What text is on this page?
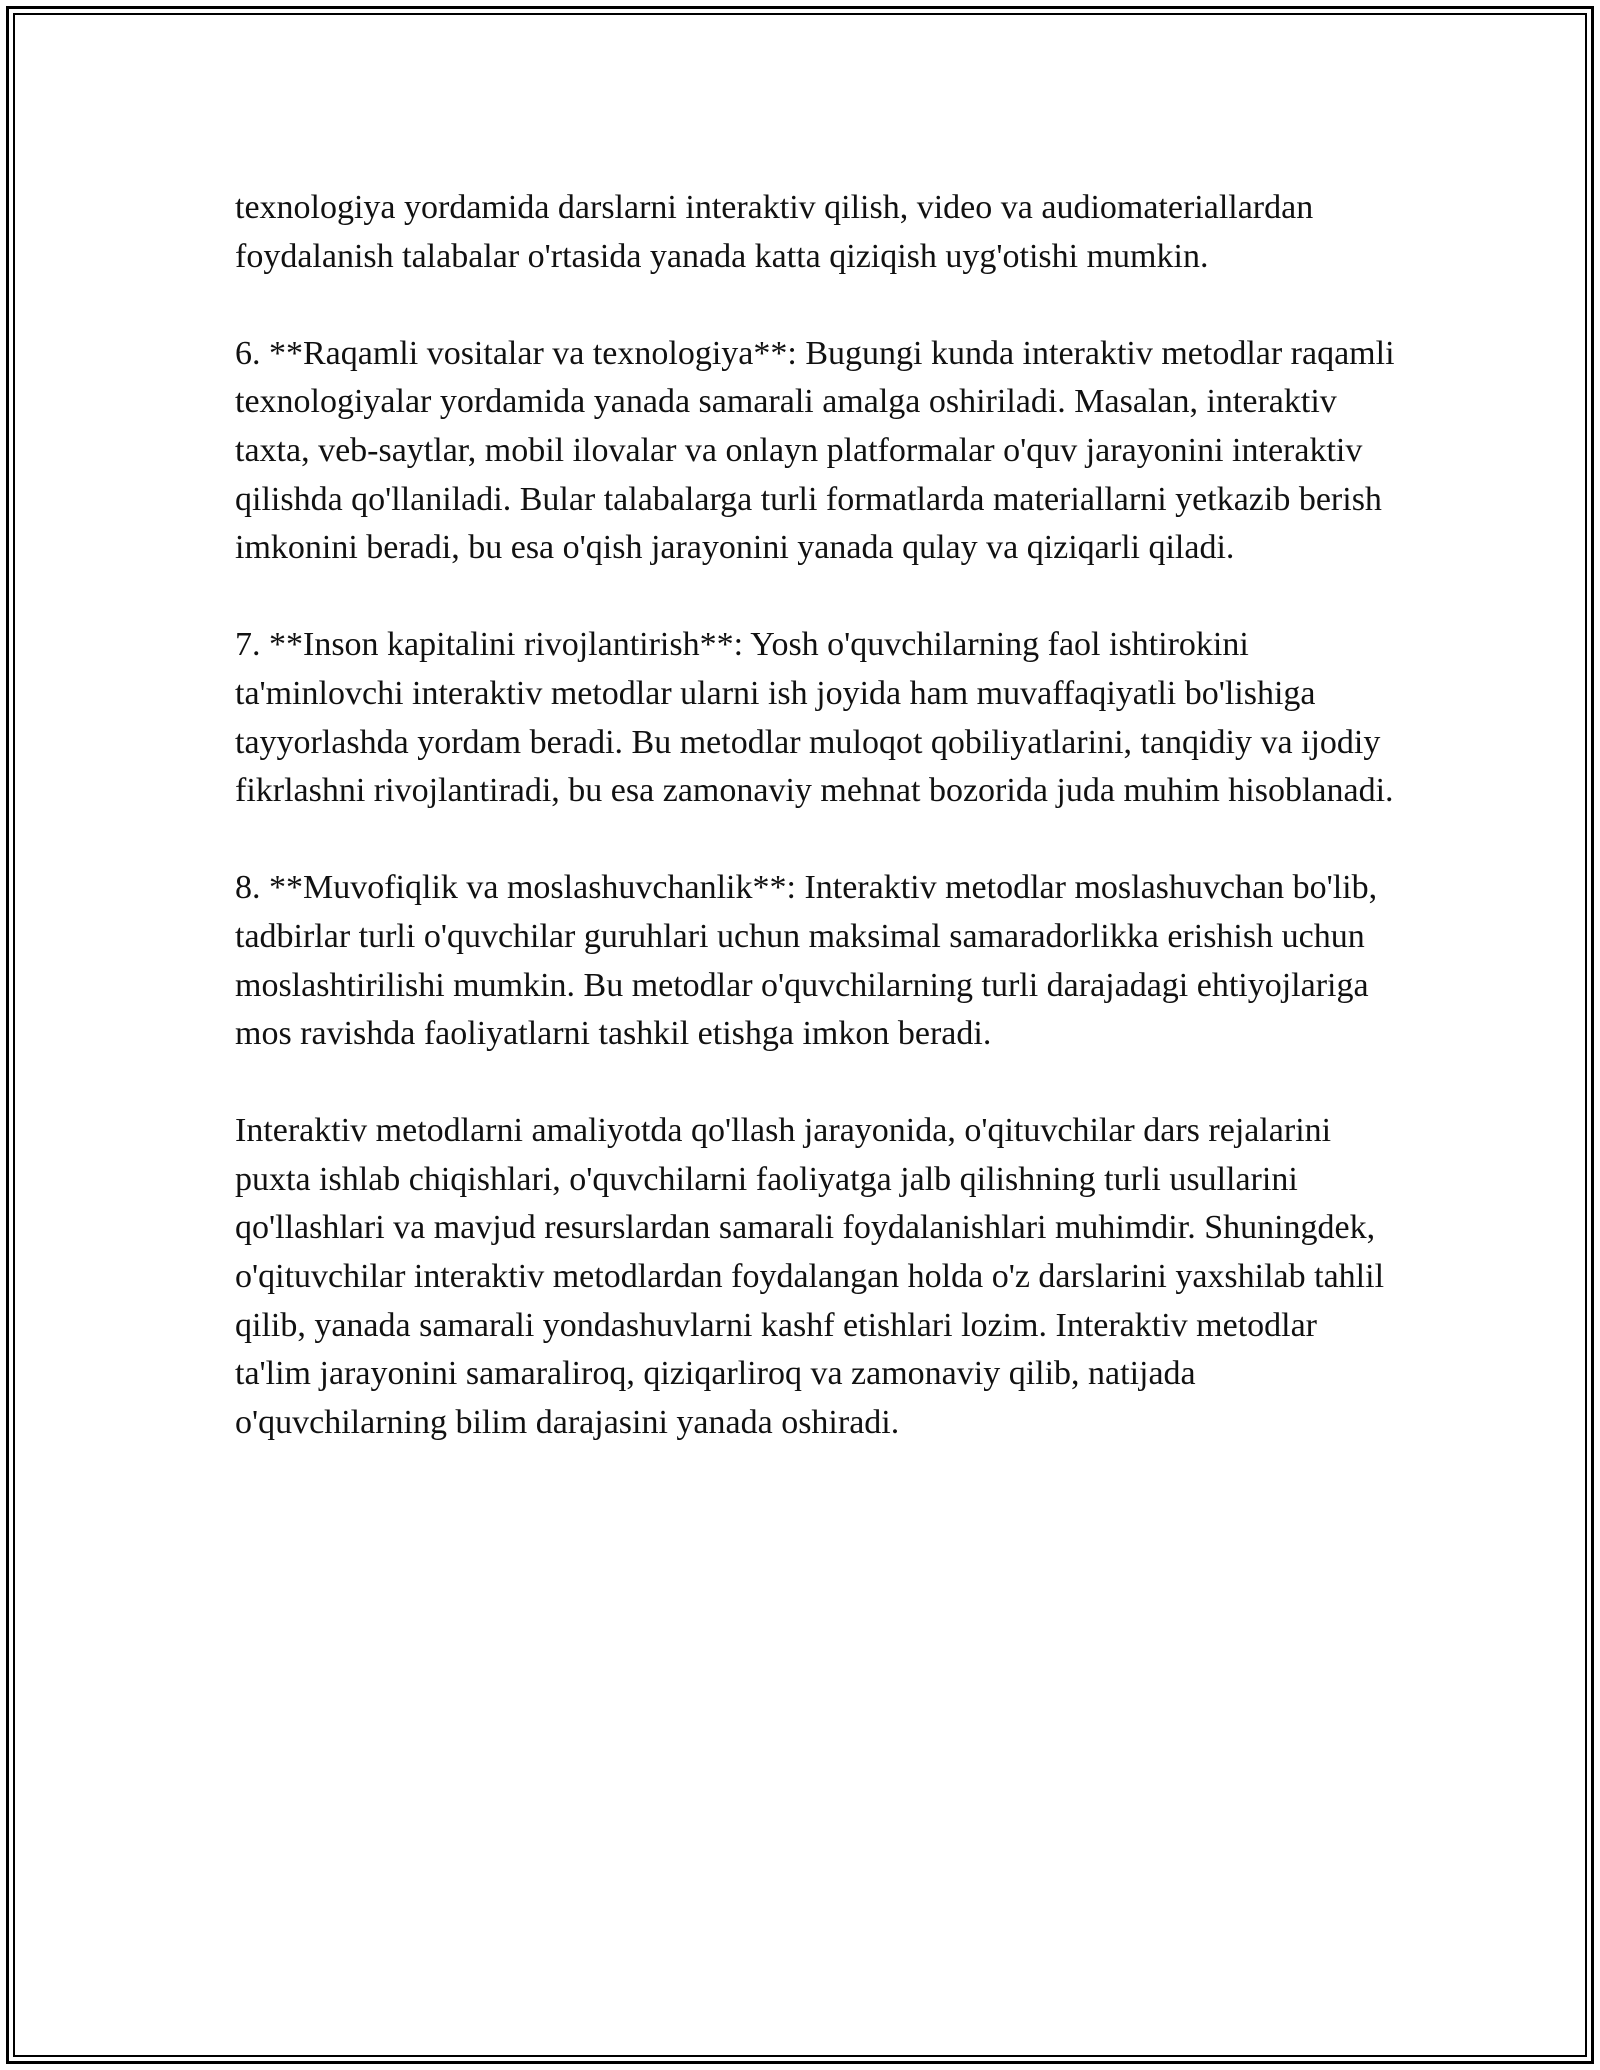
texnologiya yordamida darslarni interaktiv qilish, video va audiomateriallardan foydalanish talabalar o'rtasida yanada katta qiziqish uyg'otishi mumkin.

6. **Raqamli vositalar va texnologiya**: Bugungi kunda interaktiv metodlar raqamli texnologiyalar yordamida yanada samarali amalga oshiriladi. Masalan, interaktiv taxta, veb-saytlar, mobil ilovalar va onlayn platformalar o'quv jarayonini interaktiv qilishda qo'llaniladi. Bular talabalarga turli formatlarda materiallarni yetkazib berish imkonini beradi, bu esa o'qish jarayonini yanada qulay va qiziqarli qiladi.

7. **Inson kapitalini rivojlantirish**: Yosh o'quvchilarning faol ishtirokini ta'minlovchi interaktiv metodlar ularni ish joyida ham muvaffaqiyatli bo'lishiga tayyorlashda yordam beradi. Bu metodlar muloqot qobiliyatlarini, tanqidiy va ijodiy fikrlashni rivojlantiradi, bu esa zamonaviy mehnat bozorida juda muhim hisoblanadi.

8. **Muvofiqlik va moslashuvchanlik**: Interaktiv metodlar moslashuvchan bo'lib, tadbirlar turli o'quvchilar guruhlari uchun maksimal samaradorlikka erishish uchun moslashtirilishi mumkin. Bu metodlar o'quvchilarning turli darajadagi ehtiyojlariga mos ravishda faoliyatlarni tashkil etishga imkon beradi.

Interaktiv metodlarni amaliyotda qo'llash jarayonida, o'qituvchilar dars rejalarini puxta ishlab chiqishlari, o'quvchilarni faoliyatga jalb qilishning turli usullarini qo'llashlari va mavjud resurslardan samarali foydalanishlari muhimdir. Shuningdek, o'qituvchilar interaktiv metodlardan foydalangan holda o'z darslarini yaxshilab tahlil qilib, yanada samarali yondashuvlarni kashf etishlari lozim. Interaktiv metodlar ta'lim jarayonini samaraliroq, qiziqarliroq va zamonaviy qilib, natijada o'quvchilarning bilim darajasini yanada oshiradi.
